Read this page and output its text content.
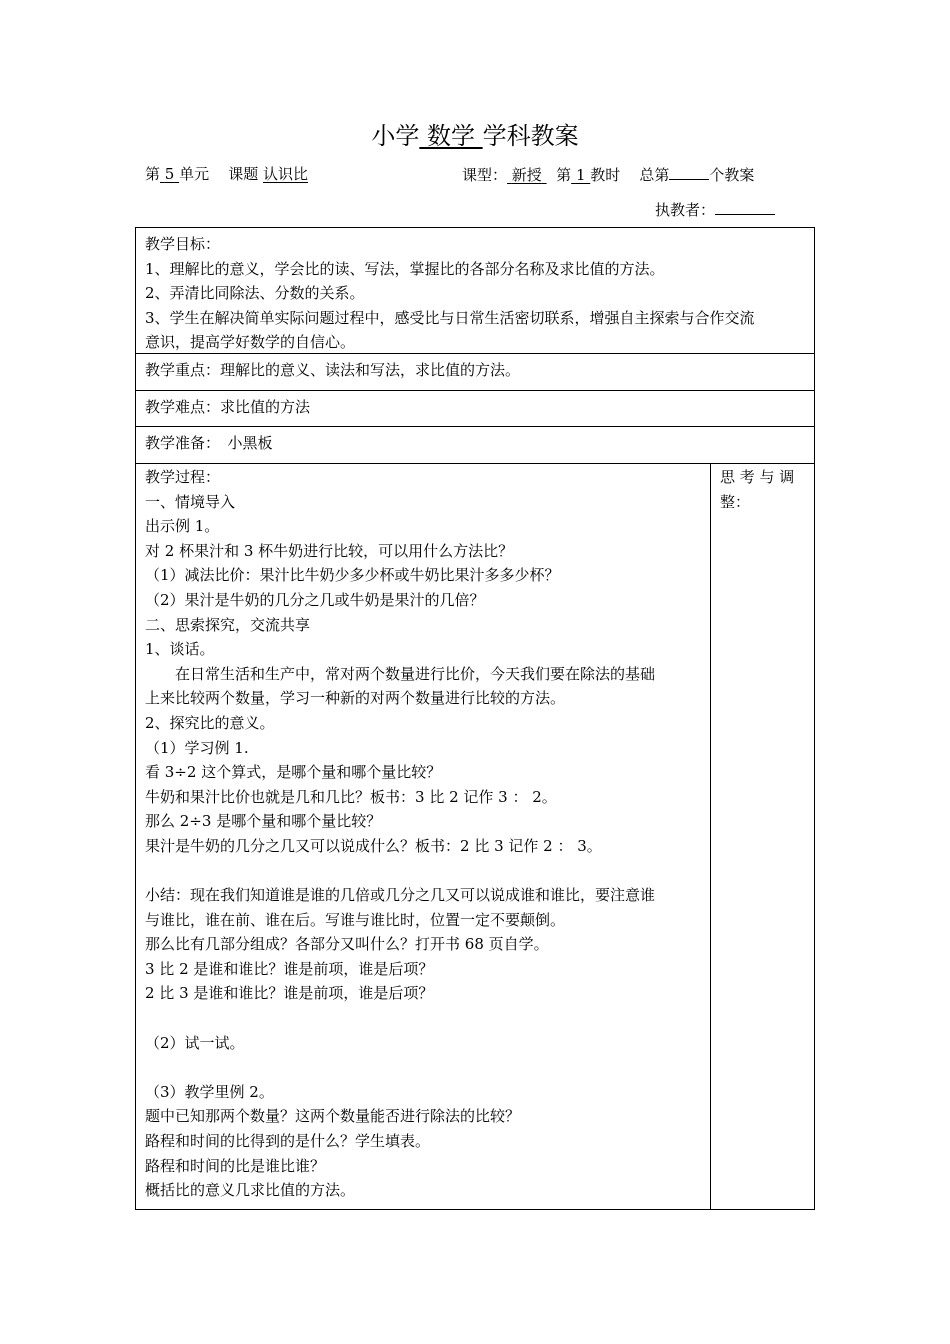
小学 数学 学科教案
第 5 单元 课题 认识比	课型： 新授 第 1 教时 总第	个教案
执教者：

教学目标：

1、理解比的意义，学会比的读、写法，掌握比的各部分名称及求比值的方法。

2、弄清比同除法、分数的关系。

3、学生在解决简单实际问题过程中，感受比与日常生活密切联系，增强自主探索与合作交流

意识，提高学好数学的自信心。

教学重点：理解比的意义、读法和写法，求比值的方法。

教学难点：求比值的方法

教学准备：　小黑板

教学过程：

一、情境导入

出示例 1。

对 2 杯果汁和 3 杯牛奶进行比较，可以用什么方法比？

（1）减法比价：果汁比牛奶少多少杯或牛奶比果汁多多少杯？

（2）果汁是牛奶的几分之几或牛奶是果汁的几倍？

二、思索探究，交流共享

1、谈话。

在日常生活和生产中，常对两个数量进行比价，今天我们要在除法的基础

上来比较两个数量，学习一种新的对两个数量进行比较的方法。

2、探究比的意义。

（1）学习例 1.

看 3÷2 这个算式，是哪个量和哪个量比较？

牛奶和果汁比价也就是几和几比？板书：3 比 2 记作 3 ： 2。

那么 2÷3 是哪个量和哪个量比较？

果汁是牛奶的几分之几又可以说成什么？板书：2 比 3 记作 2 ： 3。

小结：现在我们知道谁是谁的几倍或几分之几又可以说成谁和谁比，要注意谁

与谁比，谁在前、谁在后。写谁与谁比时，位置一定不要颠倒。

那么比有几部分组成？各部分又叫什么？打开书 68 页自学。

3 比 2 是谁和谁比？谁是前项，谁是后项？

2 比 3 是谁和谁比？谁是前项，谁是后项？

（2）试一试。

（3）教学里例 2。

题中已知那两个数量？这两个数量能否进行除法的比较？

路程和时间的比得到的是什么？学生填表。

路程和时间的比是谁比谁？

概括比的意义几求比值的方法。

思 考 与 调

整：
